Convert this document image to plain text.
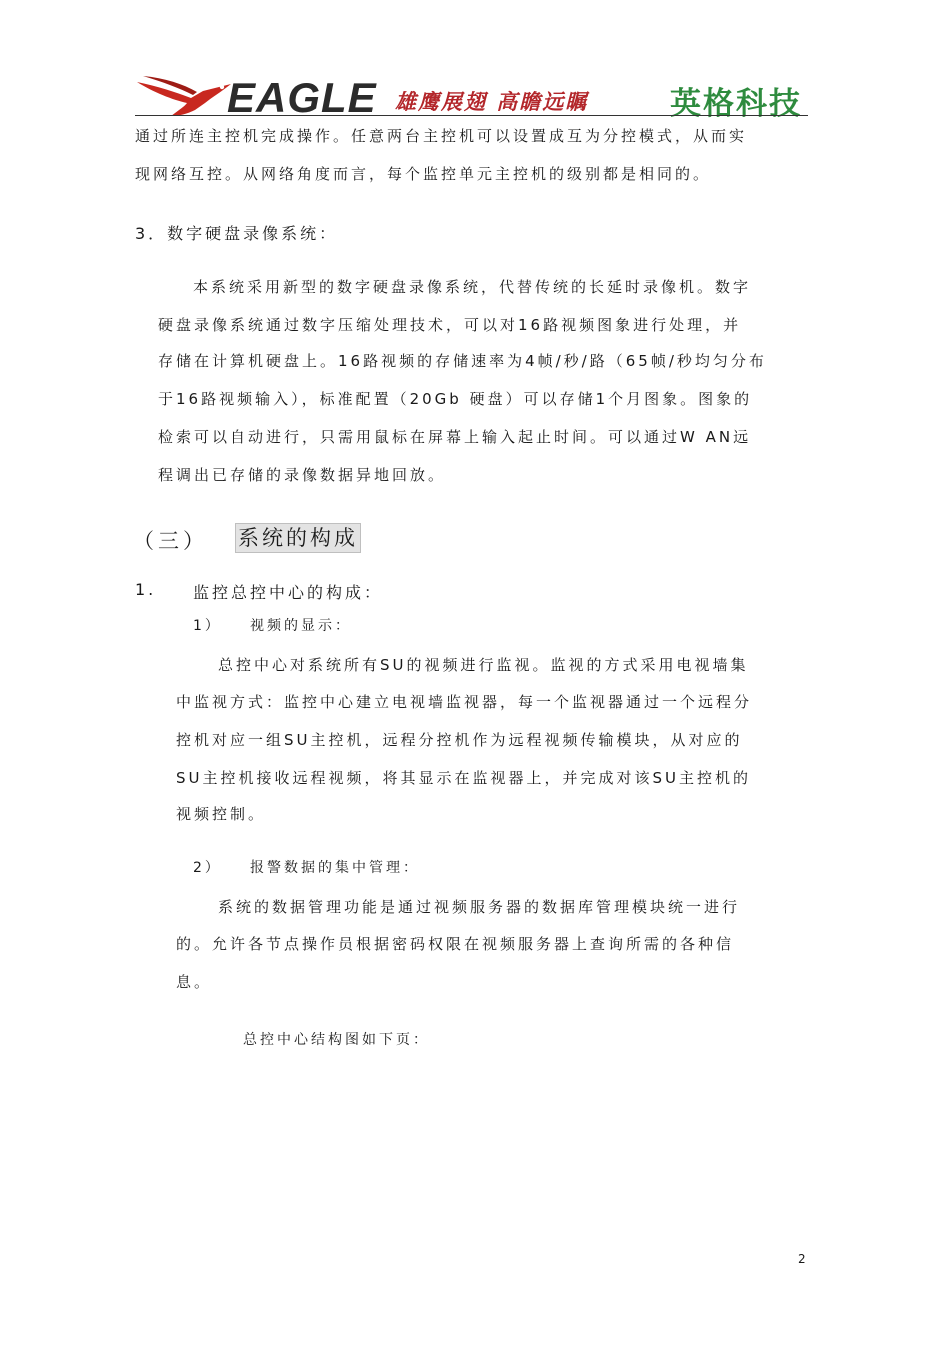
EAGLE 雄鹰展翅 高瞻远瞩	英格科技
通过所连主控机完成操作。任意两台主控机可以设置成互为分控模式，从而实
现网络互控。从网络角度而言，每个监控单元主控机的级别都是相同的。
3．数字硬盘录像系统：
本系统采用新型的数字硬盘录像系统，代替传统的长延时录像机。数字
硬盘录像系统通过数字压缩处理技术，可以对16路视频图象进行处理，并
存储在计算机硬盘上。16路视频的存储速率为4帧/秒/路（65帧/秒均匀分布
于16路视频输入），标准配置（20Gb 硬盘）可以存储1个月图象。图象的
检索可以自动进行，只需用鼠标在屏幕上输入起止时间。可以通过W AN远
程调出已存储的录像数据异地回放。
（三） 系统的构成
1. 监控总控中心的构成：
1） 视频的显示：
总控中心对系统所有SU的视频进行监视。监视的方式采用电视墙集
中监视方式：监控中心建立电视墙监视器，每一个监视器通过一个远程分
控机对应一组SU主控机，远程分控机作为远程视频传输模块，从对应的
SU主控机接收远程视频，将其显示在监视器上，并完成对该SU主控机的
视频控制。
2） 报警数据的集中管理：
系统的数据管理功能是通过视频服务器的数据库管理模块统一进行
的。允许各节点操作员根据密码权限在视频服务器上查询所需的各种信
息。
总控中心结构图如下页：
2
